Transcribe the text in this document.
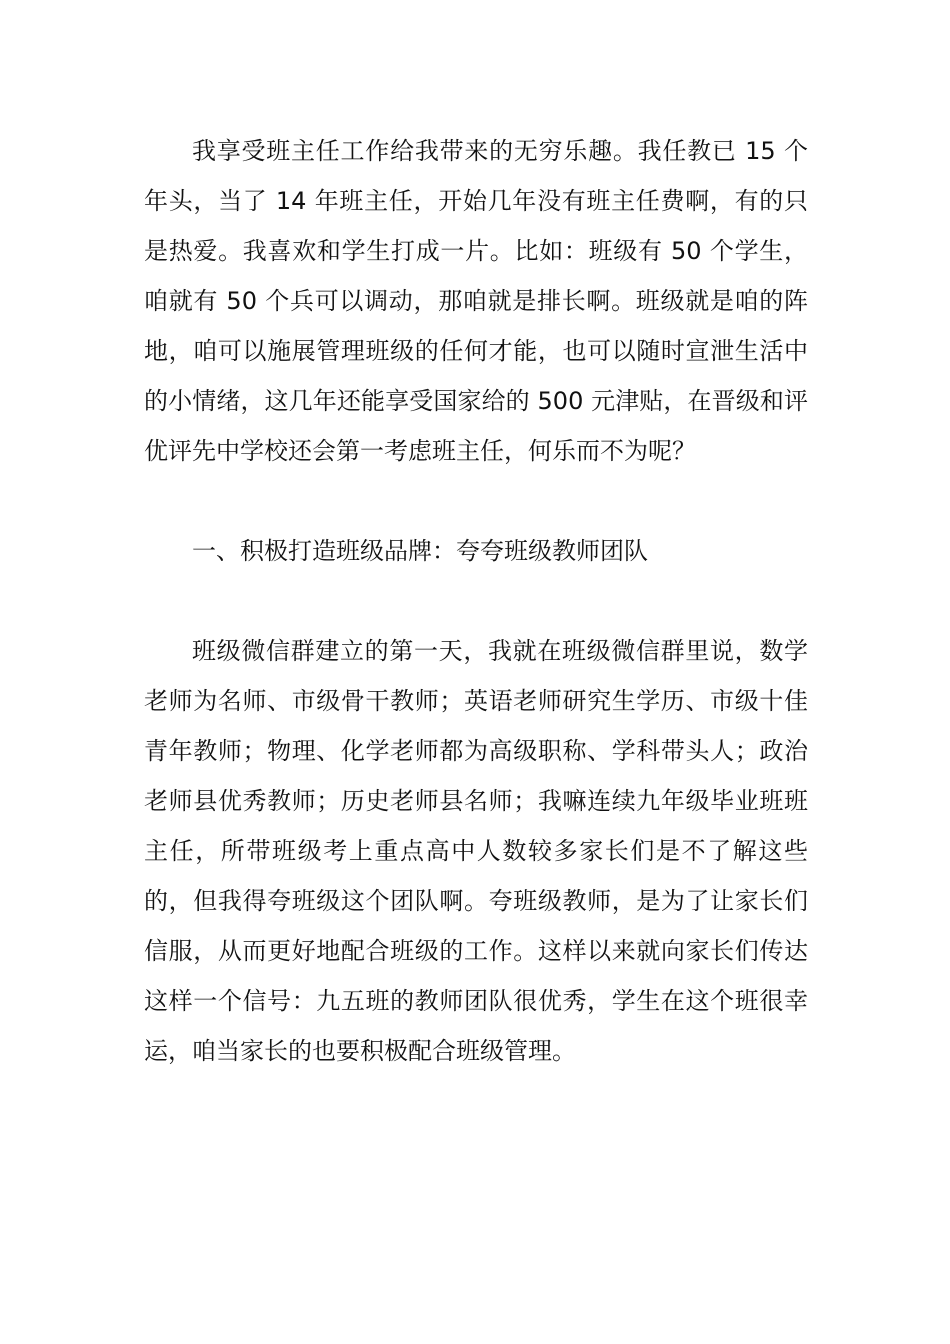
我享受班主任工作给我带来的无穷乐趣。我任教已 15 个年头，当了 14 年班主任，开始几年没有班主任费啊，有的只是热爱。我喜欢和学生打成一片。比如：班级有 50 个学生，咱就有 50 个兵可以调动，那咱就是排长啊。班级就是咱的阵地，咱可以施展管理班级的任何才能，也可以随时宣泄生活中的小情绪，这几年还能享受国家给的 500 元津贴，在晋级和评优评先中学校还会第一考虑班主任，何乐而不为呢？

一、积极打造班级品牌：夸夸班级教师团队

班级微信群建立的第一天，我就在班级微信群里说，数学老师为名师、市级骨干教师；英语老师研究生学历、市级十佳青年教师；物理、化学老师都为高级职称、学科带头人；政治老师县优秀教师；历史老师县名师；我嘛连续九年级毕业班班主任，所带班级考上重点高中人数较多家长们是不了解这些的，但我得夸班级这个团队啊。夸班级教师，是为了让家长们信服，从而更好地配合班级的工作。这样以来就向家长们传达这样一个信号：九五班的教师团队很优秀，学生在这个班很幸运，咱当家长的也要积极配合班级管理。
